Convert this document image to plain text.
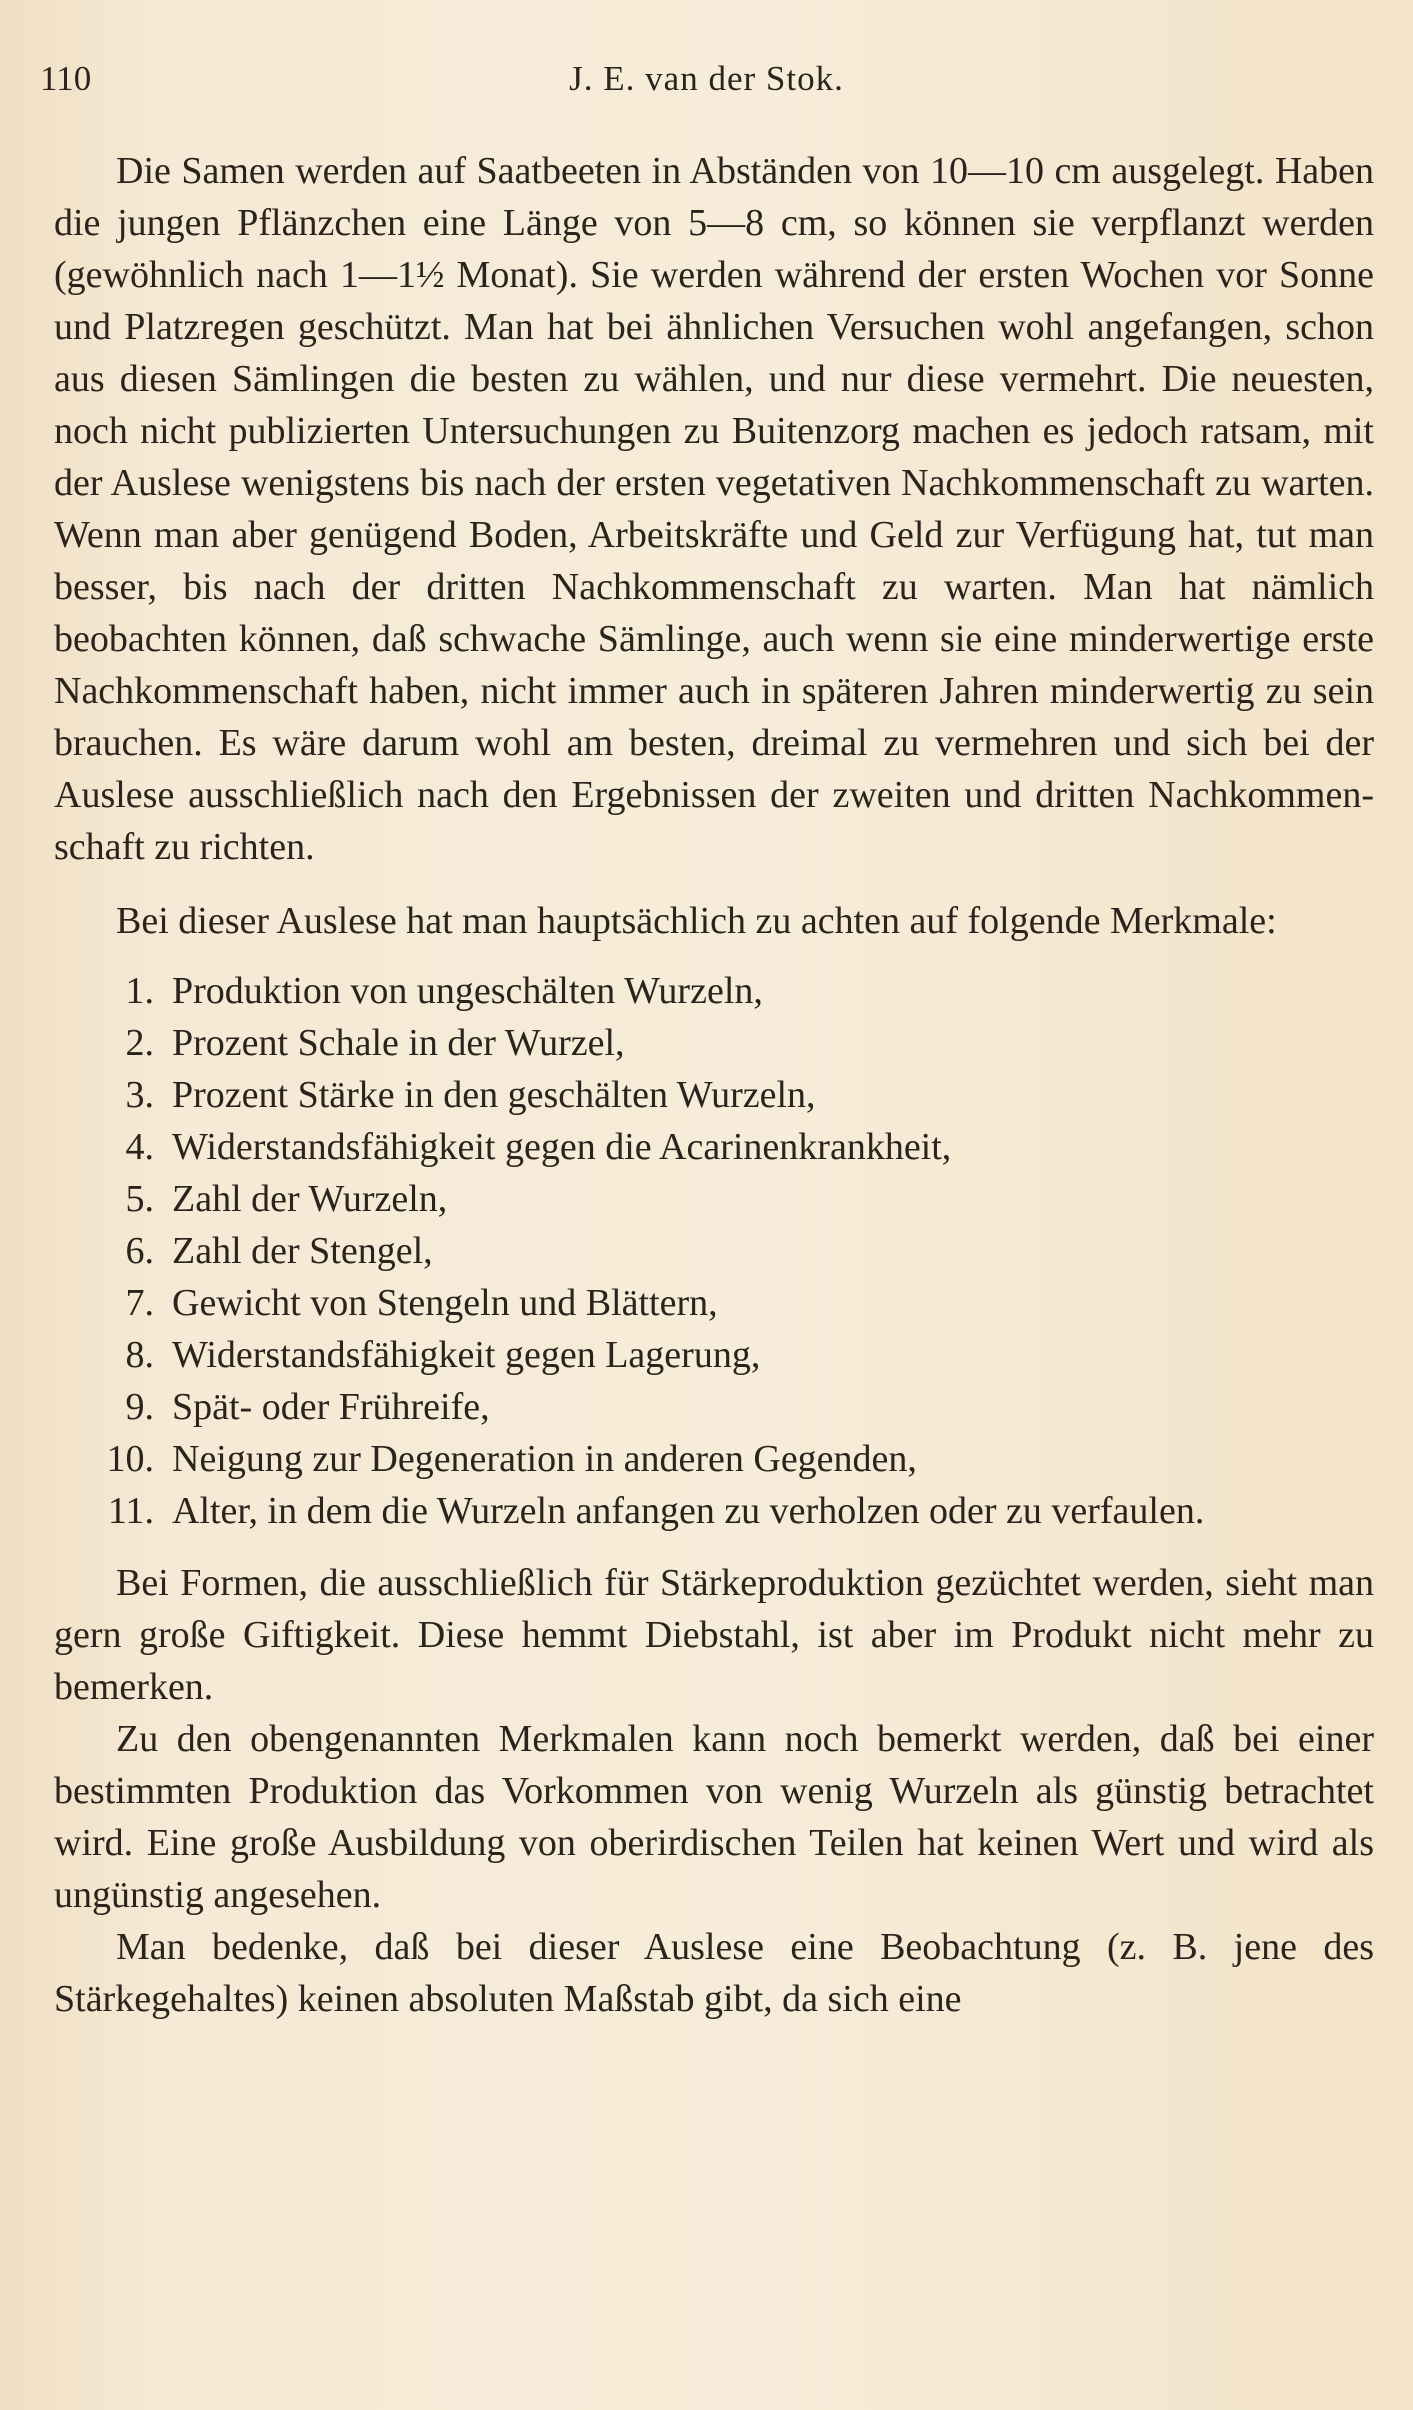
110	J. E. van der Stok.

Die Samen werden auf Saatbeeten in Abständen von 10—10 cm ausgelegt. Haben die jungen Pflänzchen eine Länge von 5—8 cm, so können sie verpflanzt werden (gewöhnlich nach 1—1½ Monat). Sie werden während der ersten Wochen vor Sonne und Platzregen geschützt. Man hat bei ähnlichen Versuchen wohl angefangen, schon aus diesen Sämlingen die besten zu wählen, und nur diese vermehrt. Die neuesten, noch nicht publizierten Untersuchungen zu Buitenzorg machen es jedoch ratsam, mit der Auslese wenigstens bis nach der ersten vegetativen Nachkommenschaft zu warten. Wenn man aber genügend Boden, Arbeitskräfte und Geld zur Verfügung hat, tut man besser, bis nach der dritten Nachkommenschaft zu warten. Man hat nämlich beobachten können, daß schwache Sämlinge, auch wenn sie eine minderwertige erste Nachkommenschaft haben, nicht immer auch in späteren Jahren minderwertig zu sein brauchen. Es wäre darum wohl am besten, dreimal zu vermehren und sich bei der Auslese ausschließlich nach den Ergebnissen der zweiten und dritten Nachkommenschaft zu richten.

Bei dieser Auslese hat man hauptsächlich zu achten auf folgende Merkmale:

1. Produktion von ungeschälten Wurzeln,
2. Prozent Schale in der Wurzel,
3. Prozent Stärke in den geschälten Wurzeln,
4. Widerstandsfähigkeit gegen die Acarinenkrankheit,
5. Zahl der Wurzeln,
6. Zahl der Stengel,
7. Gewicht von Stengeln und Blättern,
8. Widerstandsfähigkeit gegen Lagerung,
9. Spät- oder Frühreife,
10. Neigung zur Degeneration in anderen Gegenden,
11. Alter, in dem die Wurzeln anfangen zu verholzen oder zu verfaulen.

Bei Formen, die ausschließlich für Stärkeproduktion gezüchtet werden, sieht man gern große Giftigkeit. Diese hemmt Diebstahl, ist aber im Produkt nicht mehr zu bemerken.

Zu den obengenannten Merkmalen kann noch bemerkt werden, daß bei einer bestimmten Produktion das Vorkommen von wenig Wurzeln als günstig betrachtet wird. Eine große Ausbildung von oberirdischen Teilen hat keinen Wert und wird als ungünstig angesehen.

Man bedenke, daß bei dieser Auslese eine Beobachtung (z. B. jene des Stärkegehaltes) keinen absoluten Maßstab gibt, da sich eine
